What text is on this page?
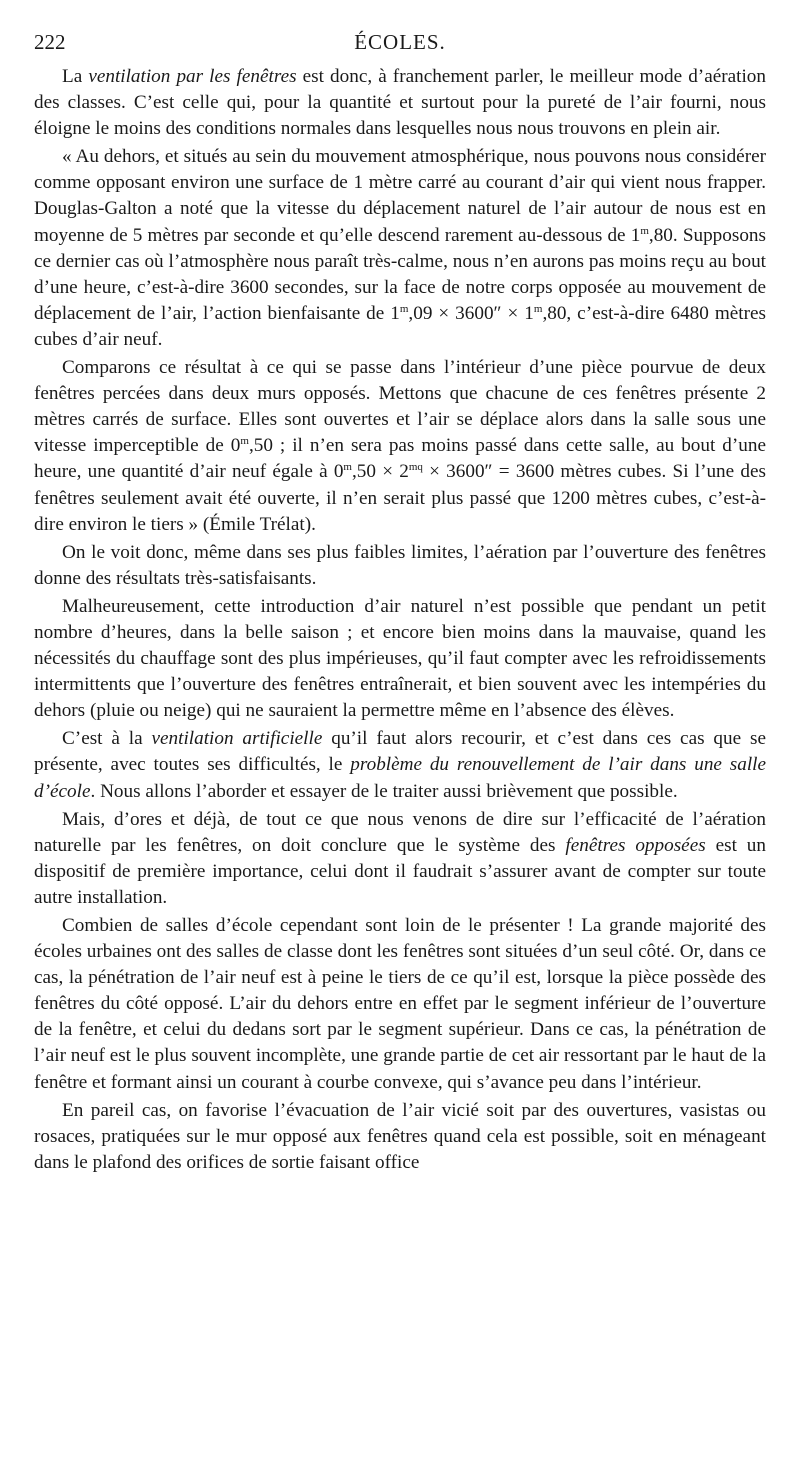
222	ÉCOLES.

La ventilation par les fenêtres est donc, à franchement parler, le meilleur mode d’aération des classes. C’est celle qui, pour la quantité et surtout pour la pureté de l’air fourni, nous éloigne le moins des conditions normales dans lesquelles nous nous trouvons en plein air.

« Au dehors, et situés au sein du mouvement atmosphérique, nous pouvons nous considérer comme opposant environ une surface de 1 mètre carré au courant d’air qui vient nous frapper. Douglas-Galton a noté que la vitesse du déplacement naturel de l’air autour de nous est en moyenne de 5 mètres par seconde et qu’elle descend rarement au-dessous de 1$^m$,80. Supposons ce dernier cas où l’atmosphère nous paraît très-calme, nous n’en aurons pas moins reçu au bout d’une heure, c’est-à-dire 3600 secondes, sur la face de notre corps opposée au mouvement de déplacement de l’air, l’action bienfaisante de $1^m,09 \times 3600'' \times 1^m,80$, c’est-à-dire 6480 mètres cubes d’air neuf.

Comparons ce résultat à ce qui se passe dans l’intérieur d’une pièce pourvue de deux fenêtres percées dans deux murs opposés. Mettons que chacune de ces fenêtres présente 2 mètres carrés de surface. Elles sont ouvertes et l’air se déplace alors dans la salle sous une vitesse imperceptible de 0$^m$,50 ; il n’en sera pas moins passé dans cette salle, au bout d’une heure, une quantité d’air neuf égale à $0^m,50 \times 2^{mq} \times 3600'' = 3600$ mètres cubes. Si l’une des fenêtres seulement avait été ouverte, il n’en serait plus passé que 1200 mètres cubes, c’est-à-dire environ le tiers » (Émile Trélat).

On le voit donc, même dans ses plus faibles limites, l’aération par l’ouverture des fenêtres donne des résultats très-satisfaisants.

Malheureusement, cette introduction d’air naturel n’est possible que pendant un petit nombre d’heures, dans la belle saison ; et encore bien moins dans la mauvaise, quand les nécessités du chauffage sont des plus impérieuses, qu’il faut compter avec les refroidissements intermittents que l’ouverture des fenêtres entraînerait, et bien souvent avec les intempéries du dehors (pluie ou neige) qui ne sauraient la permettre même en l’absence des élèves.

C’est à la ventilation artificielle qu’il faut alors recourir, et c’est dans ces cas que se présente, avec toutes ses difficultés, le problème du renouvellement de l’air dans une salle d’école. Nous allons l’aborder et essayer de le traiter aussi brièvement que possible.

Mais, d’ores et déjà, de tout ce que nous venons de dire sur l’efficacité de l’aération naturelle par les fenêtres, on doit conclure que le système des fenêtres opposées est un dispositif de première importance, celui dont il faudrait s’assurer avant de compter sur toute autre installation.

Combien de salles d’école cependant sont loin de le présenter ! La grande majorité des écoles urbaines ont des salles de classe dont les fenêtres sont situées d’un seul côté. Or, dans ce cas, la pénétration de l’air neuf est à peine le tiers de ce qu’il est, lorsque la pièce possède des fenêtres du côté opposé. L’air du dehors entre en effet par le segment inférieur de l’ouverture de la fenêtre, et celui du dedans sort par le segment supérieur. Dans ce cas, la pénétration de l’air neuf est le plus souvent incomplète, une grande partie de cet air ressortant par le haut de la fenêtre et formant ainsi un courant à courbe convexe, qui s’avance peu dans l’intérieur.

En pareil cas, on favorise l’évacuation de l’air vicié soit par des ouvertures, vasistas ou rosaces, pratiquées sur le mur opposé aux fenêtres quand cela est possible, soit en ménageant dans le plafond des orifices de sortie faisant office
